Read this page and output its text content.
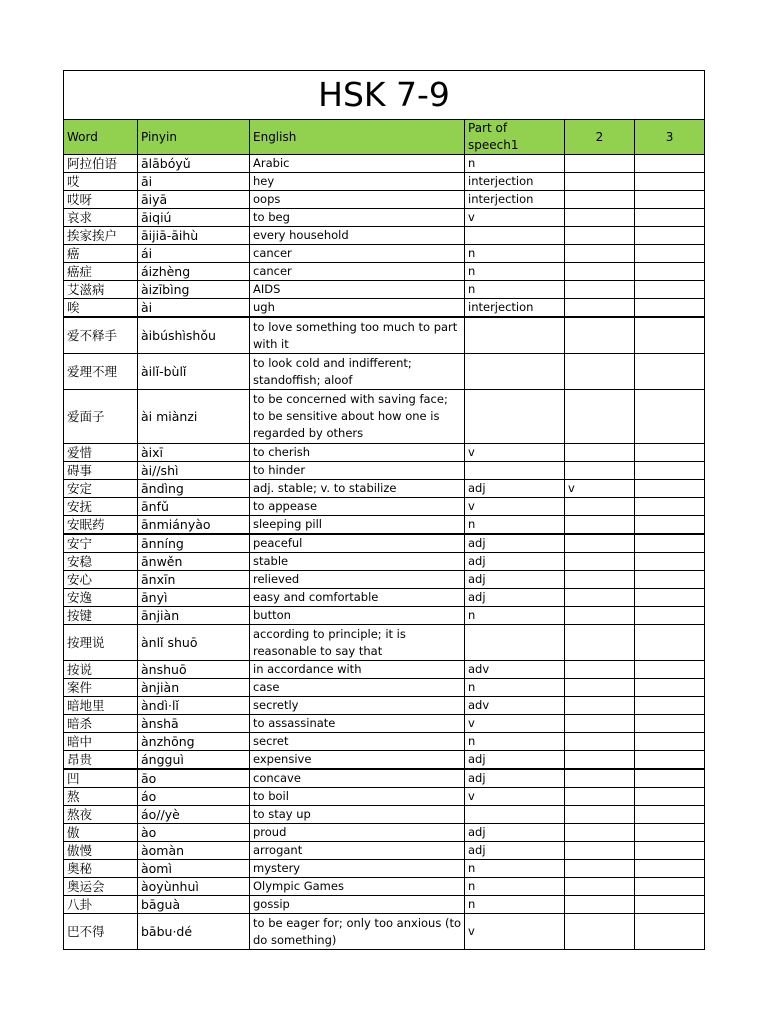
HSK 7-9					
Word	Pinyin	English	Part of speech1	2	3
阿拉伯语	ālābóyǔ	Arabic	n		
哎	āi	hey	interjection		
哎呀	āiyā	oops	interjection		
哀求	āiqiú	to beg	v		
挨家挨户	āijiā-āihù	every household			
癌	ái	cancer	n		
癌症	áizhèng	cancer	n		
艾滋病	àizībìng	AIDS	n		
唉	ài	ugh	interjection		
爱不释手	àibúshìshǒu	to love something too much to part with it			
爱理不理	àilǐ-bùlǐ	to look cold and indifferent; standoffish; aloof			
爱面子	ài miànzi	to be concerned with saving face; to be sensitive about how one is regarded by others			
爱惜	àixī	to cherish	v		
碍事	ài//shì	to hinder			
安定	āndìng	adj. stable; v. to stabilize	adj	v	
安抚	ānfǔ	to appease	v		
安眠药	ānmiányào	sleeping pill	n		
安宁	ānníng	peaceful	adj		
安稳	ānwěn	stable	adj		
安心	ānxīn	relieved	adj		
安逸	ānyì	easy and comfortable	adj		
按键	ānjiàn	button	n		
按理说	ànlǐ shuō	according to principle; it is reasonable to say that			
按说	ànshuō	in accordance with	adv		
案件	ànjiàn	case	n		
暗地里	àndì·lǐ	secretly	adv		
暗杀	ànshā	to assassinate	v		
暗中	ànzhōng	secret	n		
昂贵	ángguì	expensive	adj		
凹	āo	concave	adj		
熬	áo	to boil	v		
熬夜	áo//yè	to stay up			
傲	ào	proud	adj		
傲慢	àomàn	arrogant	adj		
奥秘	àomì	mystery	n		
奥运会	àoyùnhuì	Olympic Games	n		
八卦	bāguà	gossip	n		
巴不得	bābu·dé	to be eager for; only too anxious (to do something)	v		
